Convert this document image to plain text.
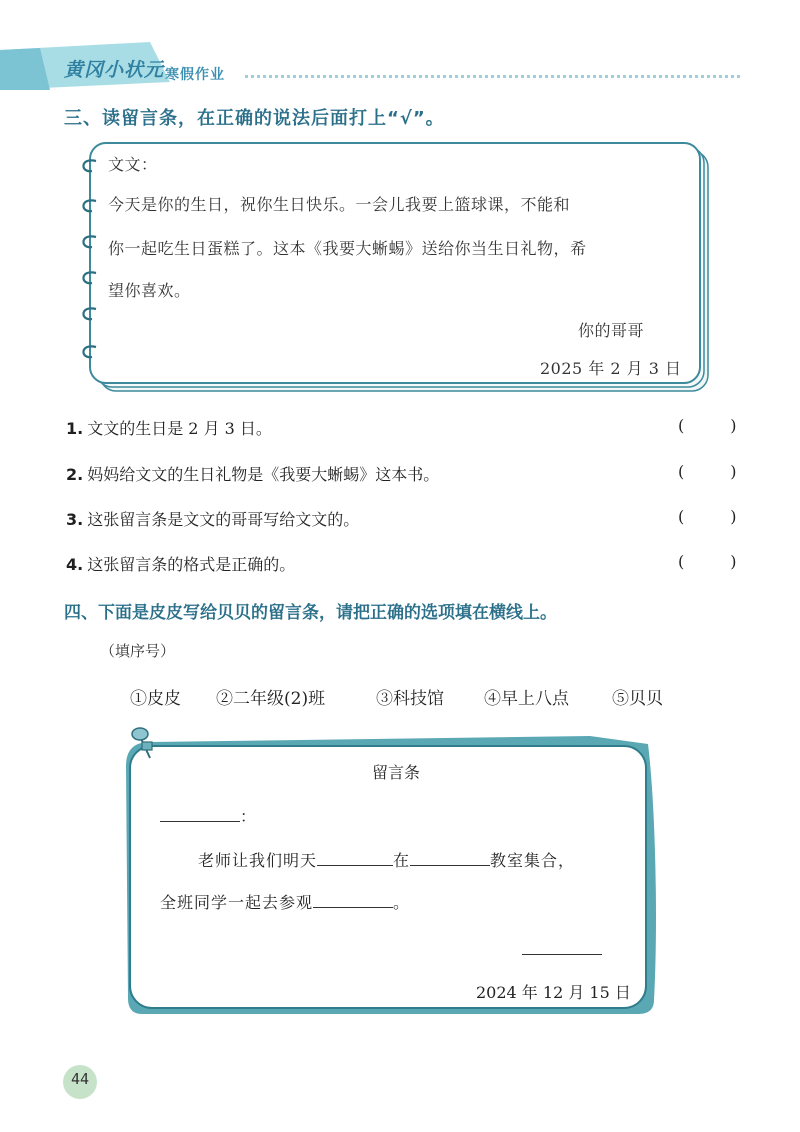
黄冈小状元 寒假作业
三、读留言条，在正确的说法后面打上“√”。
文文：
今天是你的生日，祝你生日快乐。一会儿我要上篮球课，不能和
你一起吃生日蛋糕了。这本《我要大蜥蜴》送给你当生日礼物，希
望你喜欢。
你的哥哥
2025 年 2 月 3 日
1. 文文的生日是 2 月 3 日。	(	)
2. 妈妈给文文的生日礼物是《我要大蜥蜴》这本书。	(	)
3. 这张留言条是文文的哥哥写给文文的。	(	)
4. 这张留言条的格式是正确的。	(	)
四、下面是皮皮写给贝贝的留言条，请把正确的选项填在横线上。
（填序号）
①皮皮 ②二年级(2)班	③科技馆 ④早上八点	⑤贝贝
留言条
：
老师让我们明天	在	教室集合，
全班同学一起去参观	。
2024 年 12 月 15 日
44
